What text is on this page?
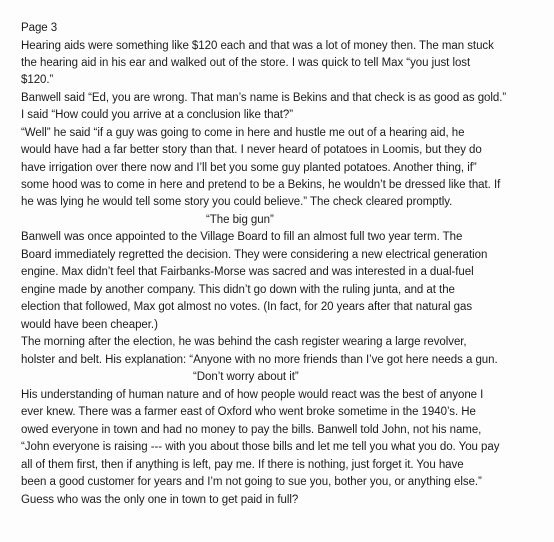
Page 3
Hearing aids were something like $120 each and that was a lot of money then. The man stuck
the hearing aid in his ear and walked out of the store. I was quick to tell Max “you just lost
$120.”
Banwell said “Ed, you are wrong. That man’s name is Bekins and that check is as good as gold.”
I said “How could you arrive at a conclusion like that?”
“Well” he said “if a guy was going to come in here and hustle me out of a hearing aid, he
would have had a far better story than that. I never heard of potatoes in Loomis, but they do
have irrigation over there now and I’ll bet you some guy planted potatoes. Another thing, if”
some hood was to come in here and pretend to be a Bekins, he wouldn’t be dressed like that. If
he was lying he would tell some story you could believe.” The check cleared promptly.
“The big gun”
Banwell was once appointed to the Village Board to fill an almost full two year term. The
Board immediately regretted the decision. They were considering a new electrical generation
engine. Max didn’t feel that Fairbanks-Morse was sacred and was interested in a dual-fuel
engine made by another company. This didn’t go down with the ruling junta, and at the
election that followed, Max got almost no votes. (In fact, for 20 years after that natural gas
would have been cheaper.)
The morning after the election, he was behind the cash register wearing a large revolver,
holster and belt. His explanation: “Anyone with no more friends than I’ve got here needs a gun.
“Don’t worry about it”
His understanding of human nature and of how people would react was the best of anyone I
ever knew. There was a farmer east of Oxford who went broke sometime in the 1940’s. He
owed everyone in town and had no money to pay the bills. Banwell told John, not his name,
“John everyone is raising --- with you about those bills and let me tell you what you do. You pay
all of them first, then if anything is left, pay me. If there is nothing, just forget it. You have
been a good customer for years and I’m not going to sue you, bother you, or anything else.”
Guess who was the only one in town to get paid in full?
